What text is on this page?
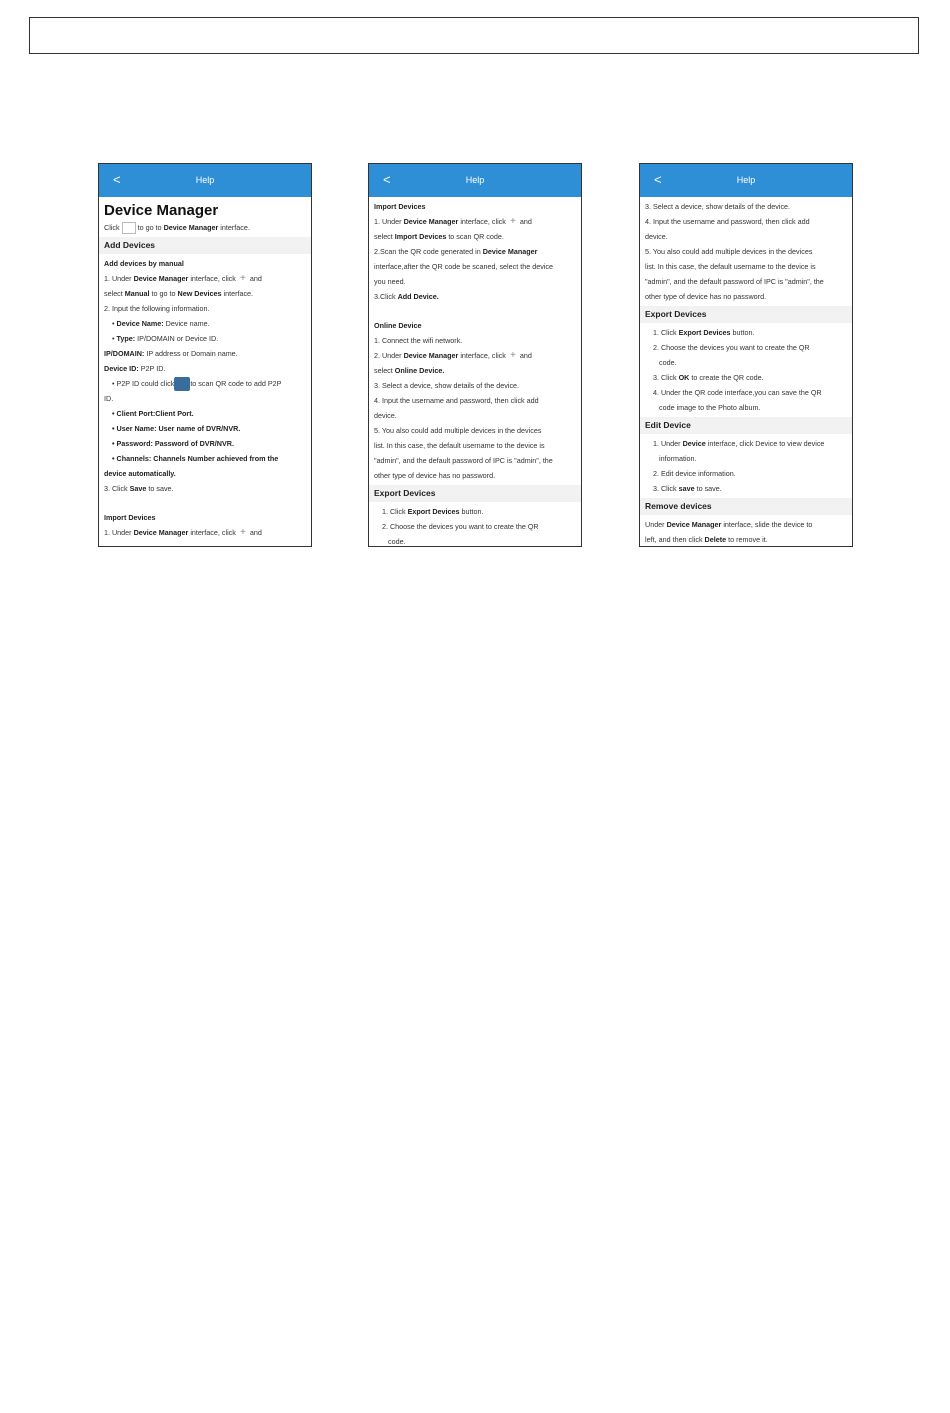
<	Help
Device Manager
Click	to go to Device Manager interface.
Add Devices
Add devices by manual
1. Under Device Manager interface, click + and
select Manual to go to New Devices interface.
2. Input the following information.
• Device Name: Device name.
• Type: IP/DOMAIN or Device ID.
IP/DOMAIN: IP address or Domain name.
Device ID: P2P ID.
• P2P ID could click to scan QR code to add P2P
ID.
• Client Port:Client Port.
• User Name: User name of DVR/NVR.
• Password: Password of DVR/NVR.
• Channels: Channels Number achieved from the
device automatically.
3. Click Save to save.
Import Devices
1. Under Device Manager interface, click + and
<	Help
Import Devices
1. Under Device Manager interface, click + and
select Import Devices to scan QR code.
2.Scan the QR code generated in Device Manager
interface,after the QR code be scaned, select the device
you need.
3.Click Add Device.
Online Device
1. Connect the wifi network.
2. Under Device Manager interface, click + and
select Online Device.
3. Select a device, show details of the device.
4. Input the username and password, then click add
device.
5. You also could add multiple devices in the devices
list. In this case, the default username to the device is
"admin", and the default password of IPC is "admin", the
other type of device has no password.
Export Devices
1. Click Export Devices button.
2. Choose the devices you want to create the QR
code.
<	Help
3. Select a device, show details of the device.
4. Input the username and password, then click add
device.
5. You also could add multiple devices in the devices
list. In this case, the default username to the device is
"admin", and the default password of IPC is "admin", the
other type of device has no password.
Export Devices
1. Click Export Devices button.
2. Choose the devices you want to create the QR
code.
3. Click OK to create the QR code.
4. Under the QR code interface,you can save the QR
code image to the Photo album.
Edit Device
1. Under Device interface, click Device to view device
information.
2. Edit device information.
3. Click save to save.
Remove devices
Under Device Manager interface, slide the device to
left, and then click Delete to remove it.
